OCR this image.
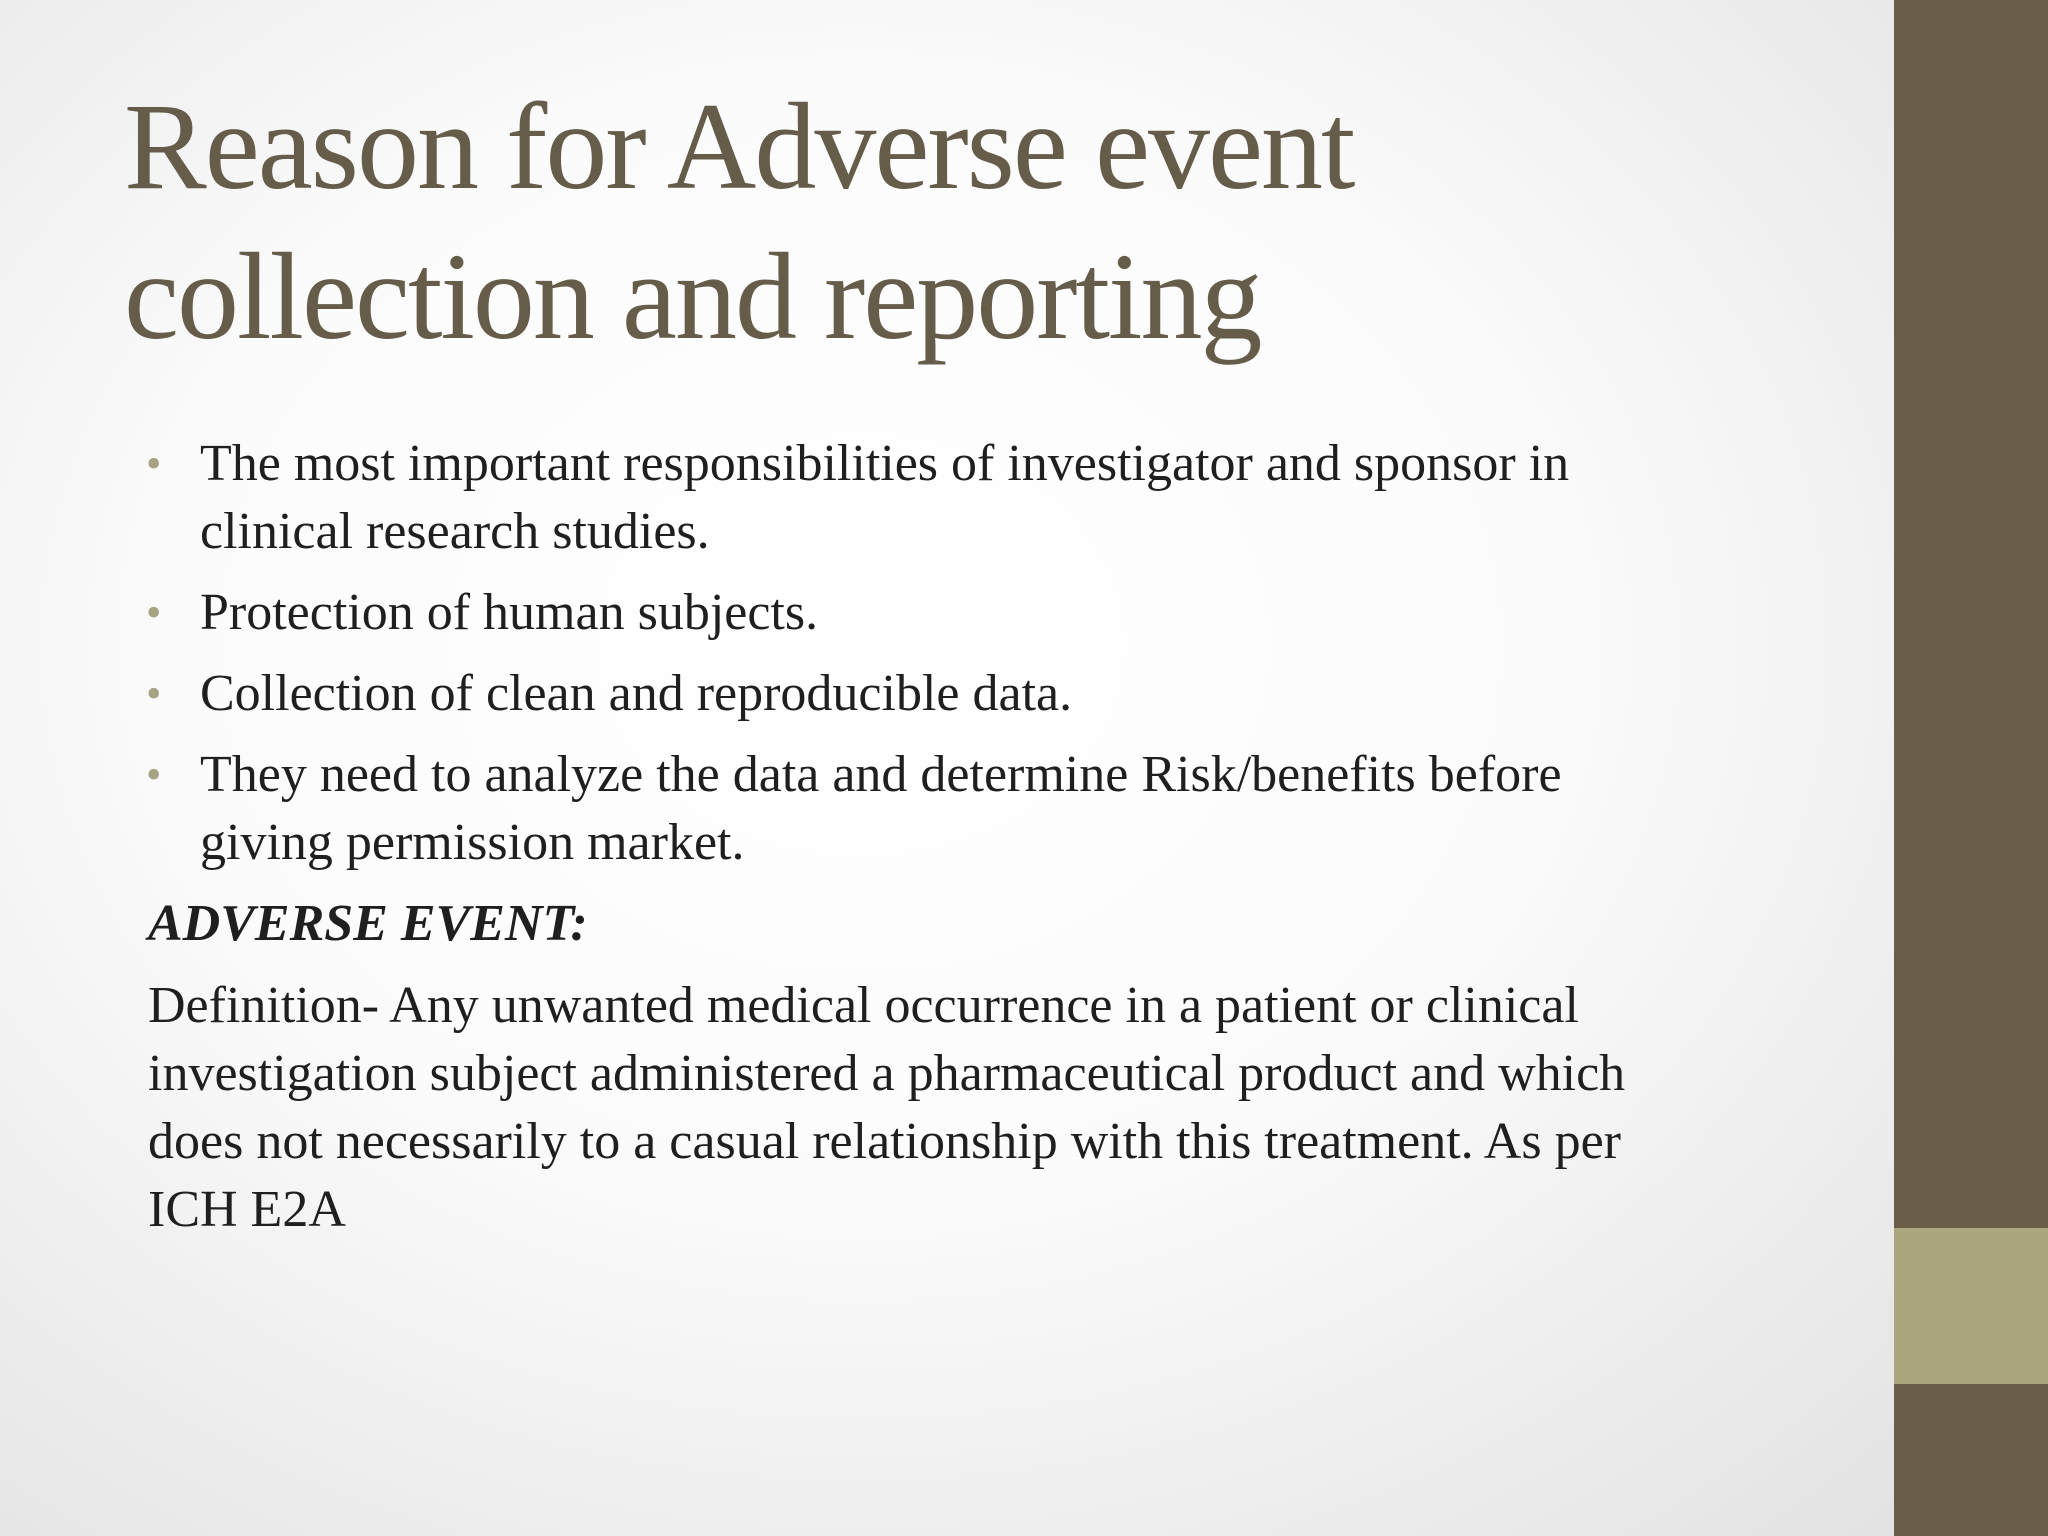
Reason for Adverse event
collection and reporting
• The most important responsibilities of investigator and sponsor in
clinical research studies.
• Protection of human subjects.
• Collection of clean and reproducible data.
• They need to analyze the data and determine Risk/benefits before
giving permission market.

ADVERSE EVENT:

Definition- Any unwanted medical occurrence in a patient or clinical
investigation subject administered a pharmaceutical product and which
does not necessarily to a casual relationship with this treatment. As per
ICH E2A
